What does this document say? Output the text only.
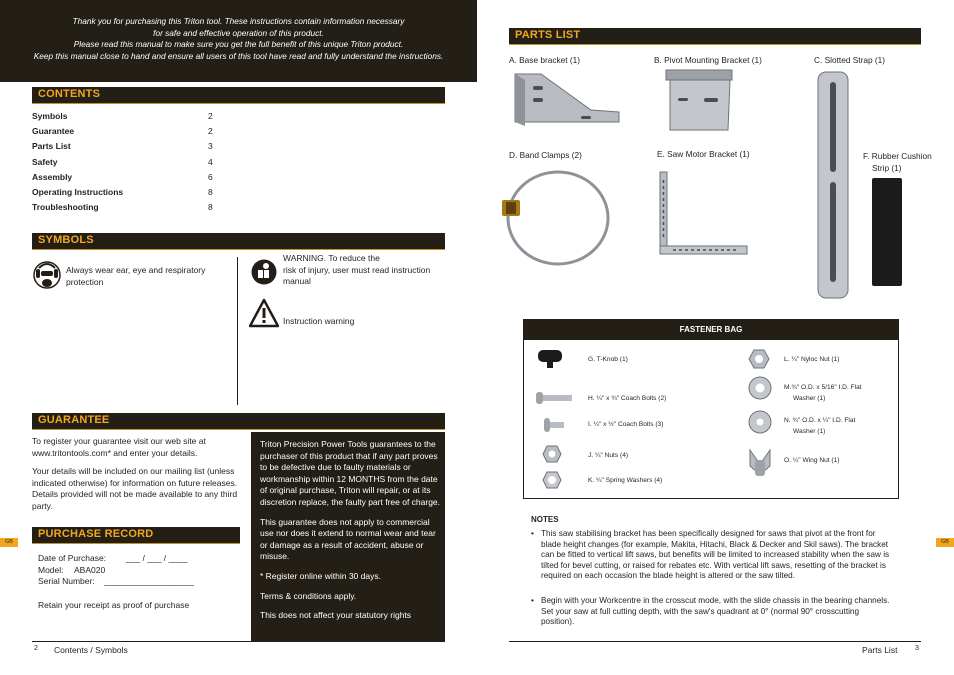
Thank you for purchasing this Triton tool. These instructions contain information necessary
for safe and effective operation of this product.
Please read this manual to make sure you get the full benefit of this unique Triton product.
Keep this manual close to hand and ensure all users of this tool have read and fully understand the instructions.
CONTENTS
Symbols	2
Guarantee	2
Parts List	3
Safety	4
Assembly	6
Operating Instructions	8
Troubleshooting	8
SYMBOLS
Always wear ear, eye and respiratory protection
WARNING. To reduce the
risk of injury, user must read instruction manual
Instruction warning
GUARANTEE
To register your guarantee visit our web site at www.tritontools.com* and enter your details.
Your details will be included on our mailing list (unless indicated otherwise) for information on future releases. Details provided will not be made available to any third party.

Triton Precision Power Tools guarantees to the purchaser of this product that if any part proves to be defective due to faulty materials or workmanship within 12 MONTHS from the date of original purchase, Triton will repair, or at its discretion replace, the faulty part free of charge.

This guarantee does not apply to commercial use nor does it extend to normal wear and tear or damage as a result of accident, abuse or misuse.

* Register online within 30 days.

Terms & conditions apply.

This does not affect your statutory rights

PURCHASE RECORD
Date of Purchase: ___ / ___ / ____
Model: ABA020
Serial Number: ___________________
Retain your receipt as proof of purchase
2 Contents / Symbols
GB	GB
PARTS LIST
A. Base bracket (1)	B. Pivot Mounting Bracket (1)	C. Slotted Strap (1)
D. Band Clamps (2)	E. Saw Motor Bracket (1)	F. Rubber Cushion
Strip (1)
FASTENER BAG
G. T-Knob (1)
H. ¼" x ¾" Coach Bolts (2)
I. ¼" x ½" Coach Bolts (3)
J. ¼" Nuts (4)
K. ¼" Spring Washers (4)
L. ¼" Nyloc Nut (1)
M.¾" O.D. x 5/16" I.D. Flat
Washer (1)
N. ¾" O.D. x ¼" I.D. Flat
Washer (1)
O. ¼" Wing Nut (1)
NOTES
• This saw stabilising bracket has been specifically designed for saws that pivot at the front for blade height changes (for example, Makita, Hitachi, Black & Decker and Skil saws). The bracket can be fitted to vertical lift saws, but benefits will be limited to increased stability when the saw is tilted for bevel cutting, or raised for rebates etc. With vertical lift saws, resetting of the bracket is required on each occasion the blade height is altered or the saw tilted.
• Begin with your Workcentre in the crosscut mode, with the slide chassis in the bearing channels. Set your saw at full cutting depth, with the saw's quadrant at 0° (normal 90° crosscutting position).
Parts List	3
